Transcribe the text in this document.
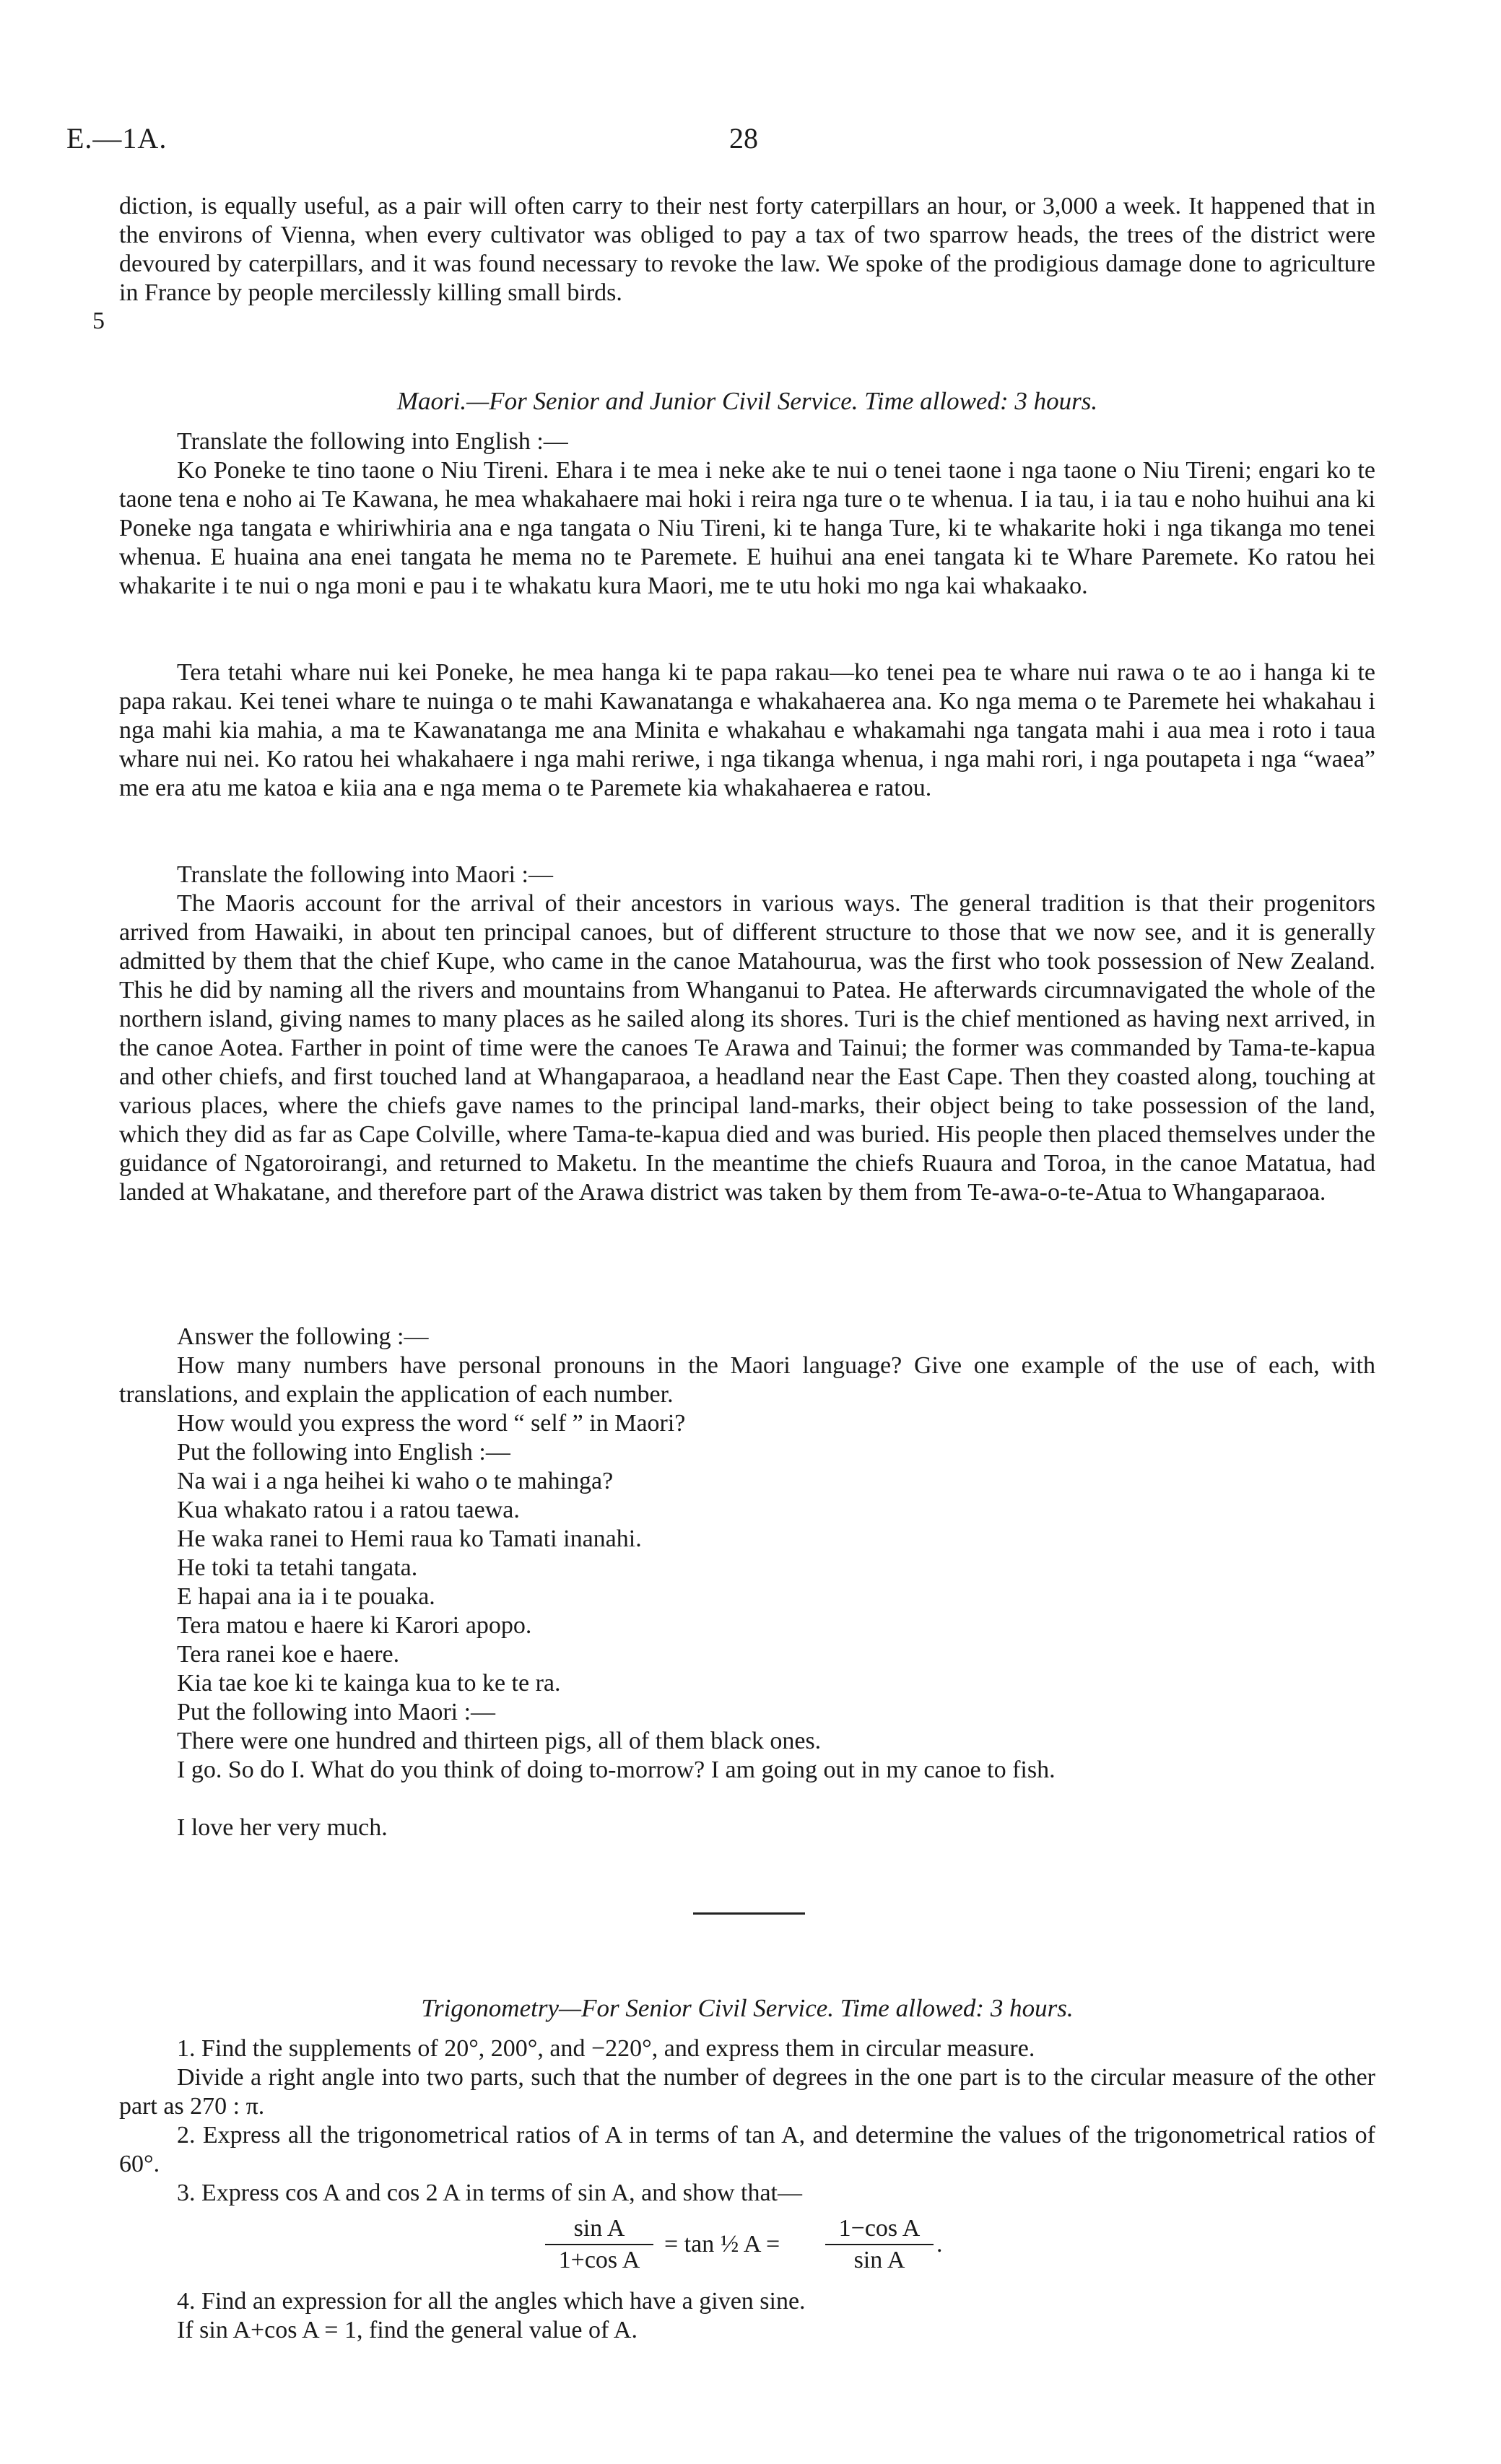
E.—1A.	28

diction, is equally useful, as a pair will often carry to their nest forty caterpillars an hour, or 3,000 a week. It happened that in the environs of Vienna, when every cultivator was obliged to pay a tax of two sparrow heads, the trees of the district were devoured by caterpillars, and it was found necessary to revoke the law. We spoke of the prodigious damage done to agriculture in France by people mercilessly killing small birds.

5

Maori.—For Senior and Junior Civil Service. Time allowed: 3 hours.

Translate the following into English :—

Ko Poneke te tino taone o Niu Tireni. Ehara i te mea i neke ake te nui o tenei taone i nga taone o Niu Tireni; engari ko te taone tena e noho ai Te Kawana, he mea whakahaere mai hoki i reira nga ture o te whenua. I ia tau, i ia tau e noho huihui ana ki Poneke nga tangata e whiriwhiria ana e nga tangata o Niu Tireni, ki te hanga Ture, ki te whakarite hoki i nga tikanga mo tenei whenua. E huaina ana enei tangata he mema no te Paremete. E huihui ana enei tangata ki te Whare Paremete. Ko ratou hei whakarite i te nui o nga moni e pau i te whakatu kura Maori, me te utu hoki mo nga kai whakaako.

Tera tetahi whare nui kei Poneke, he mea hanga ki te papa rakau—ko tenei pea te whare nui rawa o te ao i hanga ki te papa rakau. Kei tenei whare te nuinga o te mahi Kawanatanga e whakahaerea ana. Ko nga mema o te Paremete hei whakahau i nga mahi kia mahia, a ma te Kawanatanga me ana Minita e whakahau e whakamahi nga tangata mahi i aua mea i roto i taua whare nui nei. Ko ratou hei whakahaere i nga mahi reriwe, i nga tikanga whenua, i nga mahi rori, i nga poutapeta i nga “waea” me era atu me katoa e kiia ana e nga mema o te Paremete kia whakahaerea e ratou.

Translate the following into Maori :—

The Maoris account for the arrival of their ancestors in various ways. The general tradition is that their progenitors arrived from Hawaiki, in about ten principal canoes, but of different structure to those that we now see, and it is generally admitted by them that the chief Kupe, who came in the canoe Matahourua, was the first who took possession of New Zealand. This he did by naming all the rivers and mountains from Whanganui to Patea. He afterwards circumnavigated the whole of the northern island, giving names to many places as he sailed along its shores. Turi is the chief mentioned as having next arrived, in the canoe Aotea. Farther in point of time were the canoes Te Arawa and Tainui; the former was commanded by Tama-te-kapua and other chiefs, and first touched land at Whangaparaoa, a headland near the East Cape. Then they coasted along, touching at various places, where the chiefs gave names to the principal land-marks, their object being to take possession of the land, which they did as far as Cape Colville, where Tama-te-kapua died and was buried. His people then placed themselves under the guidance of Ngatoroirangi, and returned to Maketu. In the meantime the chiefs Ruaura and Toroa, in the canoe Matatua, had landed at Whakatane, and therefore part of the Arawa district was taken by them from Te-awa-o-te-Atua to Whangaparaoa.

Answer the following :—

How many numbers have personal pronouns in the Maori language? Give one example of the use of each, with translations, and explain the application of each number.

How would you express the word “ self ” in Maori?

Put the following into English :—

Na wai i a nga heihei ki waho o te mahinga?
Kua whakato ratou i a ratou taewa.
He waka ranei to Hemi raua ko Tamati inanahi.
He toki ta tetahi tangata.
E hapai ana ia i te pouaka.
Tera matou e haere ki Karori apopo.
Tera ranei koe e haere.
Kia tae koe ki te kainga kua to ke te ra.

Put the following into Maori :—

There were one hundred and thirteen pigs, all of them black ones.

I go. So do I. What do you think of doing to-morrow? I am going out in my canoe to fish.

I love her very much.

Trigonometry—For Senior Civil Service. Time allowed: 3 hours.

1. Find the supplements of 20°, 200°, and −220°, and express them in circular measure.

Divide a right angle into two parts, such that the number of degrees in the one part is to the circular measure of the other part as 270 : π.

2. Express all the trigonometrical ratios of A in terms of tan A, and determine the values of the trigonometrical ratios of 60°.

3. Express cos A and cos 2 A in terms of sin A, and show that—

sin A
1+cos A
= tan ½ A =
1−cos A
sin A
.

4. Find an expression for all the angles which have a given sine.

If sin A+cos A = 1, find the general value of A.
